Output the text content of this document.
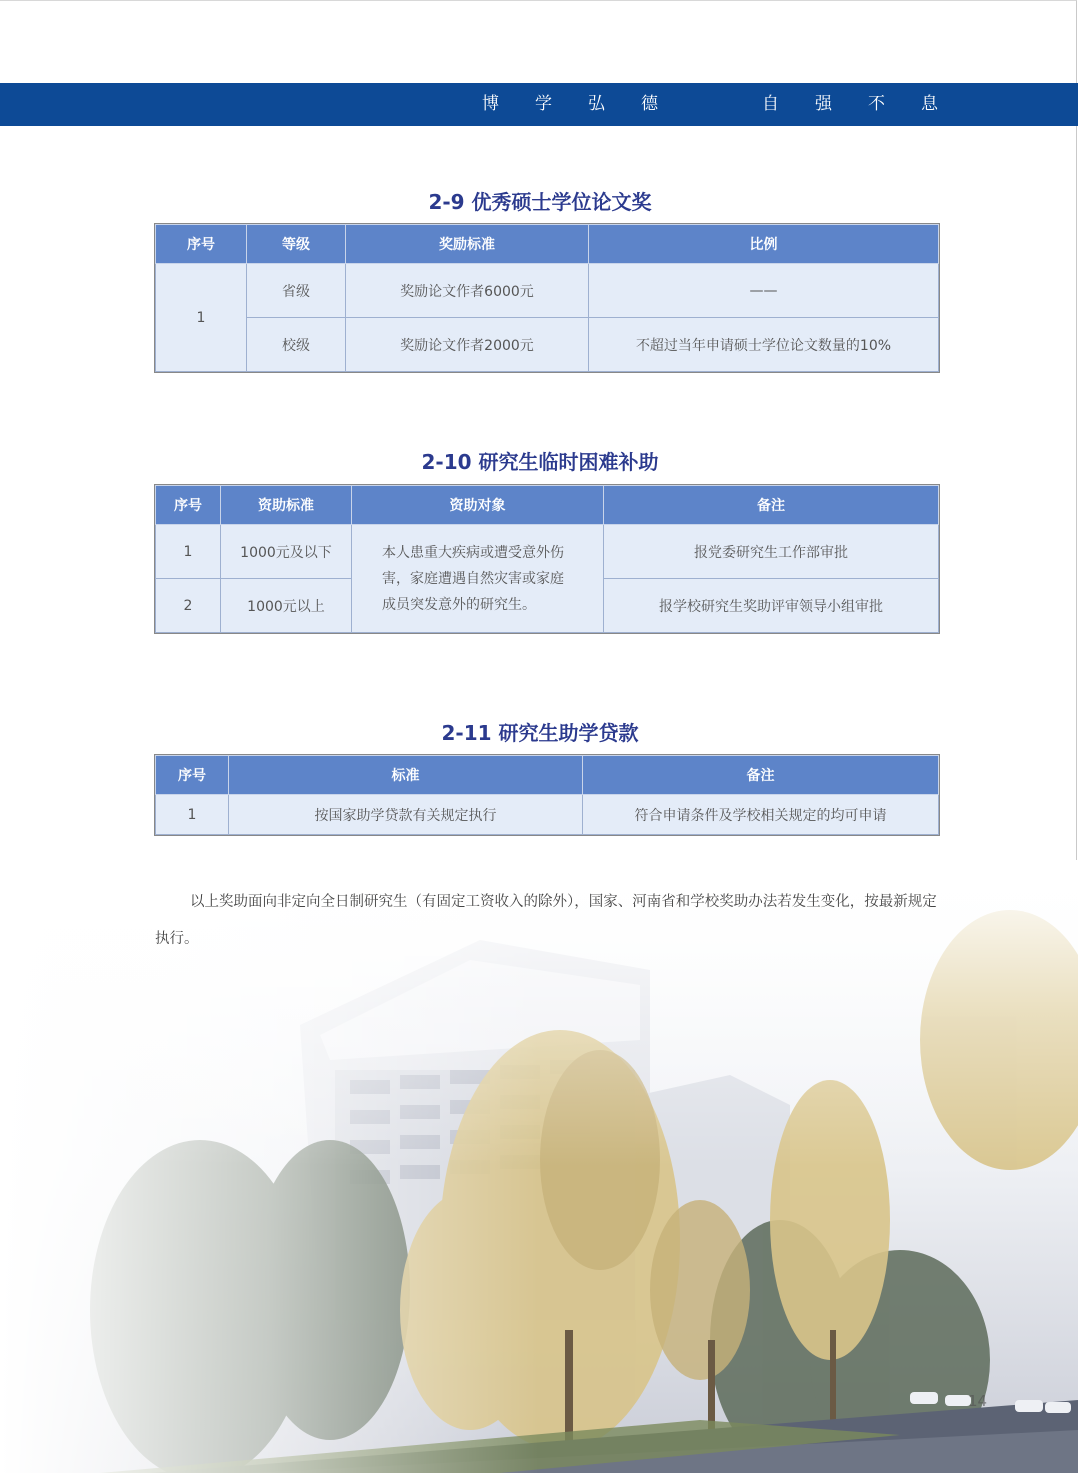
博	学	弘	德	自	强	不	息
2-9 优秀硕士学位论文奖
序号	等级	奖励标准	比例
1	省级	奖励论文作者6000元	——
	校级	奖励论文作者2000元	不超过当年申请硕士学位论文数量的10%
2-10 研究生临时困难补助
序号	资助标准	资助对象	备注
1	1000元及以下	本人患重大疾病或遭受意外伤害，家庭遭遇自然灾害或家庭成员突发意外的研究生。	报党委研究生工作部审批
2	1000元以上		报学校研究生奖助评审领导小组审批
2-11 研究生助学贷款
序号	标准	备注
1	按国家助学贷款有关规定执行	符合申请条件及学校相关规定的均可申请
以上奖助面向非定向全日制研究生（有固定工资收入的除外），国家、河南省和学校奖助办法若发生变化，按最新规定执行。
14
